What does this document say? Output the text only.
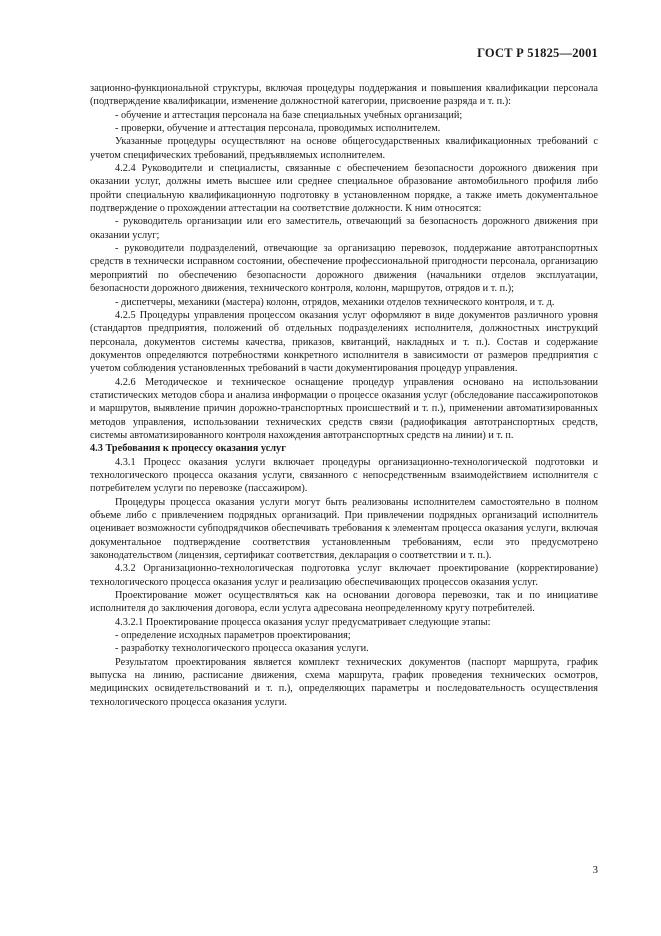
ГОСТ Р 51825—2001

зационно-функциональной структуры, включая процедуры поддержания и повышения квалификации персонала (подтверждение квалификации, изменение должностной категории, присвоение разряда и т. п.):

- обучение и аттестация персонала на базе специальных учебных организаций;

- проверки, обучение и аттестация персонала, проводимых исполнителем.

Указанные процедуры осуществляют на основе общегосударственных квалификационных требований с учетом специфических требований, предъявляемых исполнителем.

4.2.4 Руководители и специалисты, связанные с обеспечением безопасности дорожного движения при оказании услуг, должны иметь высшее или среднее специальное образование автомобильного профиля либо пройти специальную квалификационную подготовку в установленном порядке, а также иметь документальное подтверждение о прохождении аттестации на соответствие должности. К ним относятся:

- руководитель организации или его заместитель, отвечающий за безопасность дорожного движения при оказании услуг;

- руководители подразделений, отвечающие за организацию перевозок, поддержание автотранспортных средств в технически исправном состоянии, обеспечение профессиональной пригодности персонала, организацию мероприятий по обеспечению безопасности дорожного движения (начальники отделов эксплуатации, безопасности дорожного движения, технического контроля, колонн, маршрутов, отрядов и т. п.);

- диспетчеры, механики (мастера) колонн, отрядов, механики отделов технического контроля, и т. д.

4.2.5 Процедуры управления процессом оказания услуг оформляют в виде документов различного уровня (стандартов предприятия, положений об отдельных подразделениях исполнителя, должностных инструкций персонала, документов системы качества, приказов, квитанций, накладных и т. п.). Состав и содержание документов определяются потребностями конкретного исполнителя в зависимости от размеров предприятия с учетом соблюдения установленных требований в части документирования процедур управления.

4.2.6 Методическое и техническое оснащение процедур управления основано на использовании статистических методов сбора и анализа информации о процессе оказания услуг (обследование пассажиропотоков и маршрутов, выявление причин дорожно-транспортных происшествий и т. п.), применении автоматизированных методов управления, использовании технических средств связи (радиофикация автотранспортных средств, системы автоматизированного контроля нахождения автотранспортных средств на линии) и т. п.

4.3 Требования к процессу оказания услуг

4.3.1 Процесс оказания услуги включает процедуры организационно-технологической подготовки и технологического процесса оказания услуги, связанного с непосредственным взаимодействием исполнителя с потребителем услуги по перевозке (пассажиром).

Процедуры процесса оказания услуги могут быть реализованы исполнителем самостоятельно в полном объеме либо с привлечением подрядных организаций. При привлечении подрядных организаций исполнитель оценивает возможности субподрядчиков обеспечивать требования к элементам процесса оказания услуги, включая документальное подтверждение соответствия установленным требованиям, если это предусмотрено законодательством (лицензия, сертификат соответствия, декларация о соответствии и т. п.).

4.3.2 Организационно-технологическая подготовка услуг включает проектирование (корректирование) технологического процесса оказания услуг и реализацию обеспечивающих процессов оказания услуг.

Проектирование может осуществляться как на основании договора перевозки, так и по инициативе исполнителя до заключения договора, если услуга адресована неопределенному кругу потребителей.

4.3.2.1 Проектирование процесса оказания услуг предусматривает следующие этапы:

- определение исходных параметров проектирования;

- разработку технологического процесса оказания услуги.

Результатом проектирования является комплект технических документов (паспорт маршрута, график выпуска на линию, расписание движения, схема маршрута, график проведения технических осмотров, медицинских освидетельствований и т. п.), определяющих параметры и последовательность осуществления технологического процесса оказания услуги.

3
